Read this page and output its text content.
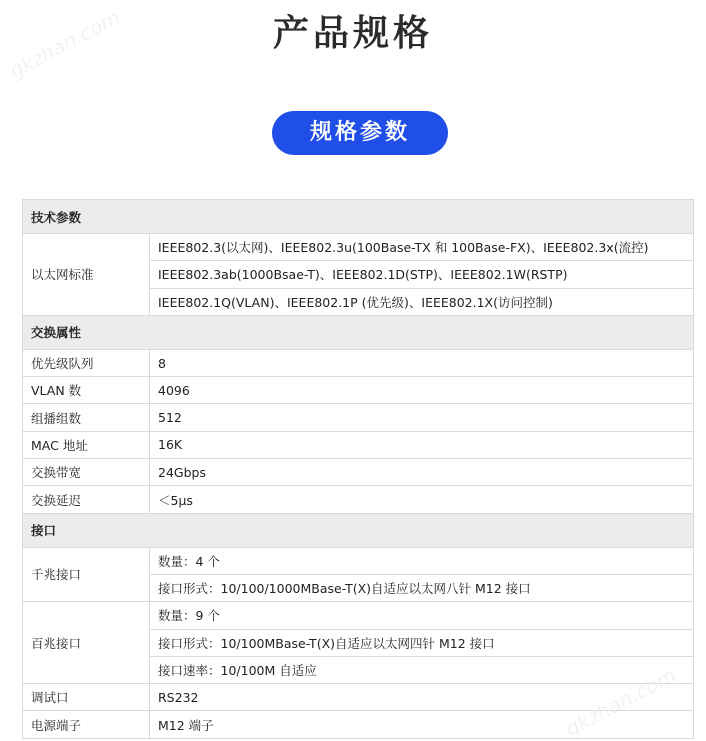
gkzhan.com
gkzhan.com
产品规格
规格参数
技术参数	
以太网标准	IEEE802.3(以太网)、IEEE802.3u(100Base-TX 和 100Base-FX)、IEEE802.3x(流控)
	IEEE802.3ab(1000Bsae-T)、IEEE802.1D(STP)、IEEE802.1W(RSTP)
	IEEE802.1Q(VLAN)、IEEE802.1P (优先级)、IEEE802.1X(访问控制)
交换属性	
优先级队列	8
VLAN 数	4096
组播组数	512
MAC 地址	16K
交换带宽	24Gbps
交换延迟	＜5μs
接口	
千兆接口	数量：4 个
	接口形式：10/100/1000MBase-T(X)自适应以太网八针 M12 接口
百兆接口	数量：9 个
	接口形式：10/100MBase-T(X)自适应以太网四针 M12 接口
	接口速率：10/100M 自适应
调试口	RS232
电源端子	M12 端子
